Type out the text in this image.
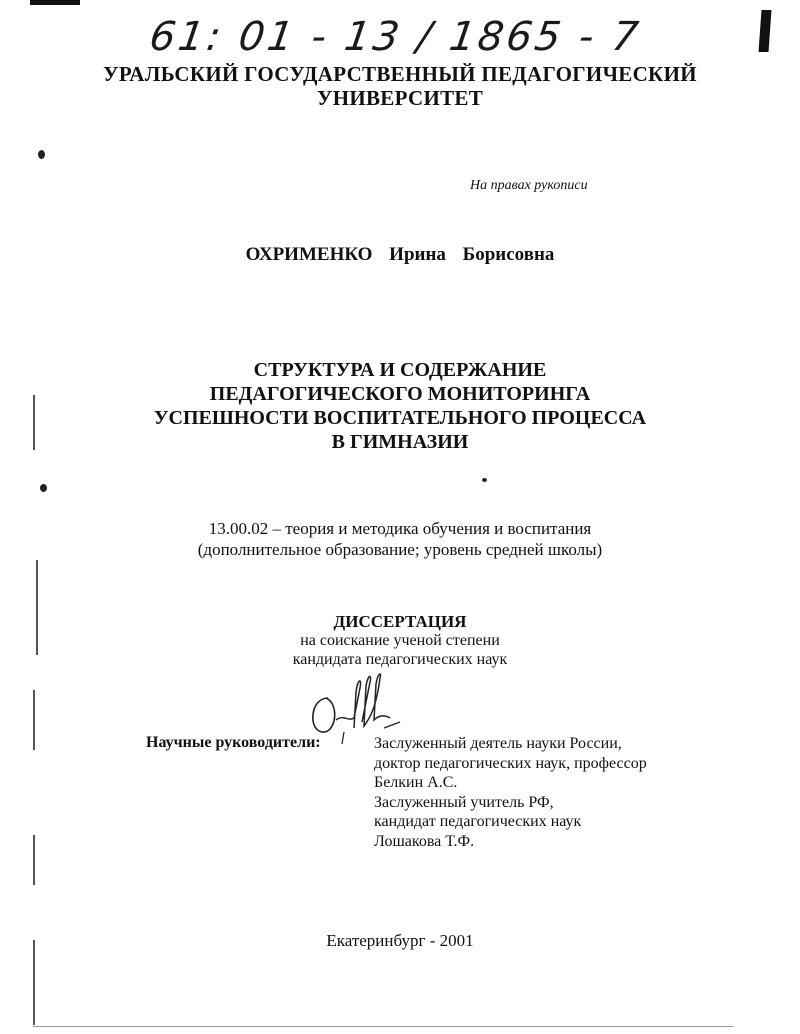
61: 01 - 13 / 1865 - 7
УРАЛЬСКИЙ ГОСУДАРСТВЕННЫЙ ПЕДАГОГИЧЕСКИЙ
УНИВЕРСИТЕТ
На правах рукописи
ОХРИМЕНКО Ирина Борисовна
СТРУКТУРА И СОДЕРЖАНИЕ
ПЕДАГОГИЧЕСКОГО МОНИТОРИНГА
УСПЕШНОСТИ ВОСПИТАТЕЛЬНОГО ПРОЦЕССА
В ГИМНАЗИИ
13.00.02 – теория и методика обучения и воспитания
(дополнительное образование; уровень средней школы)
ДИССЕРТАЦИЯ
на соискание ученой степени
кандидата педагогических наук
Научные руководители:	Заслуженный деятель науки России,
доктор педагогических наук, профессор
Белкин А.С.
Заслуженный учитель РФ,
кандидат педагогических наук
Лошакова Т.Ф.
Екатеринбург - 2001
